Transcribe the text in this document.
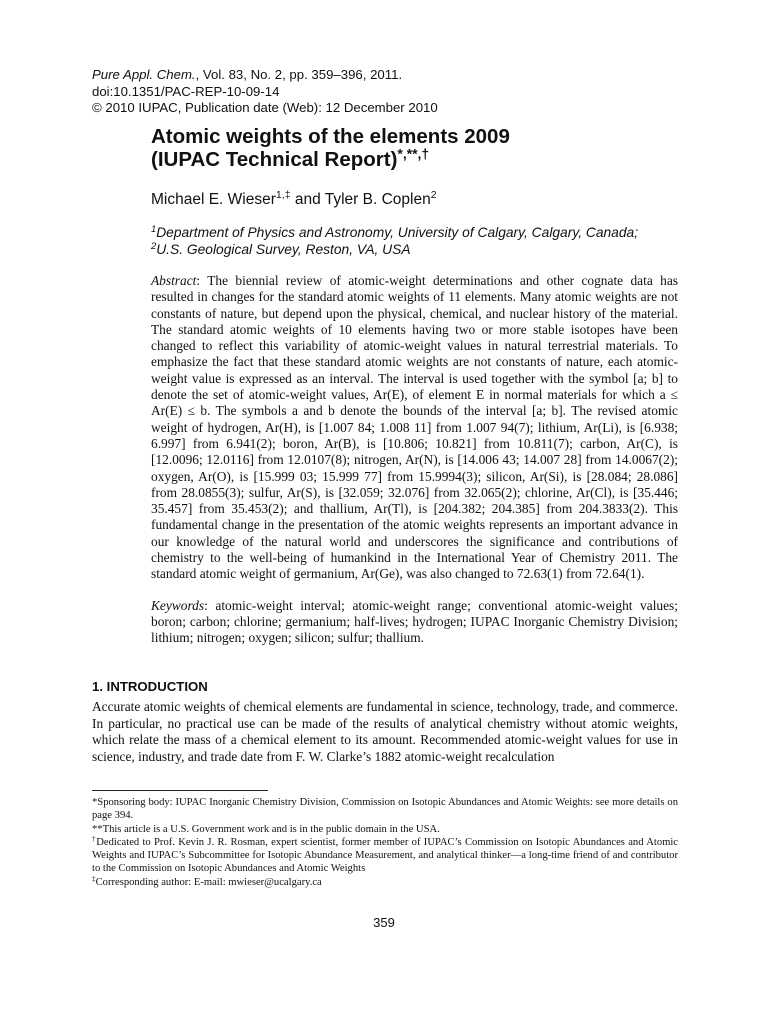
Pure Appl. Chem., Vol. 83, No. 2, pp. 359–396, 2011.
doi:10.1351/PAC-REP-10-09-14
© 2010 IUPAC, Publication date (Web): 12 December 2010
Atomic weights of the elements 2009
(IUPAC Technical Report)*,**,†
Michael E. Wieser$^{1,\ddagger}$ and Tyler B. Coplen$^2$
$^1$Department of Physics and Astronomy, University of Calgary, Calgary, Canada;
$^2$U.S. Geological Survey, Reston, VA, USA

Abstract: The biennial review of atomic-weight determinations and other cognate data has resulted in changes for the standard atomic weights of 11 elements. Many atomic weights are not constants of nature, but depend upon the physical, chemical, and nuclear history of the material. The standard atomic weights of 10 elements having two or more stable isotopes have been changed to reflect this variability of atomic-weight values in natural terrestrial materials. To emphasize the fact that these standard atomic weights are not constants of nature, each atomic-weight value is expressed as an interval. The interval is used together with the symbol [a; b] to denote the set of atomic-weight values, Ar(E), of element E in normal materials for which a ≤ Ar(E) ≤ b. The symbols a and b denote the bounds of the interval [a; b]. The revised atomic weight of hydrogen, Ar(H), is [1.007 84; 1.008 11] from 1.007 94(7); lithium, Ar(Li), is [6.938; 6.997] from 6.941(2); boron, Ar(B), is [10.806; 10.821] from 10.811(7); carbon, Ar(C), is [12.0096; 12.0116] from 12.0107(8); nitrogen, Ar(N), is [14.006 43; 14.007 28] from 14.0067(2); oxygen, Ar(O), is [15.999 03; 15.999 77] from 15.9994(3); silicon, Ar(Si), is [28.084; 28.086] from 28.0855(3); sulfur, Ar(S), is [32.059; 32.076] from 32.065(2); chlorine, Ar(Cl), is [35.446; 35.457] from 35.453(2); and thallium, Ar(Tl), is [204.382; 204.385] from 204.3833(2). This fundamental change in the presentation of the atomic weights represents an important advance in our knowledge of the natural world and underscores the significance and contributions of chemistry to the well-being of humankind in the International Year of Chemistry 2011. The standard atomic weight of germanium, Ar(Ge), was also changed to 72.63(1) from 72.64(1).

Keywords: atomic-weight interval; atomic-weight range; conventional atomic-weight values; boron; carbon; chlorine; germanium; half-lives; hydrogen; IUPAC Inorganic Chemistry Division; lithium; nitrogen; oxygen; silicon; sulfur; thallium.

1. INTRODUCTION

Accurate atomic weights of chemical elements are fundamental in science, technology, trade, and commerce. In particular, no practical use can be made of the results of analytical chemistry without atomic weights, which relate the mass of a chemical element to its amount. Recommended atomic-weight values for use in science, industry, and trade date from F. W. Clarke’s 1882 atomic-weight recalculation

*Sponsoring body: IUPAC Inorganic Chemistry Division, Commission on Isotopic Abundances and Atomic Weights: see more details on page 394.

**This article is a U.S. Government work and is in the public domain in the USA.

†Dedicated to Prof. Kevin J. R. Rosman, expert scientist, former member of IUPAC’s Commission on Isotopic Abundances and Atomic Weights and IUPAC’s Subcommittee for Isotopic Abundance Measurement, and analytical thinker—a long-time friend of and contributor to the Commission on Isotopic Abundances and Atomic Weights

‡Corresponding author: E-mail: mwieser@ucalgary.ca

359
